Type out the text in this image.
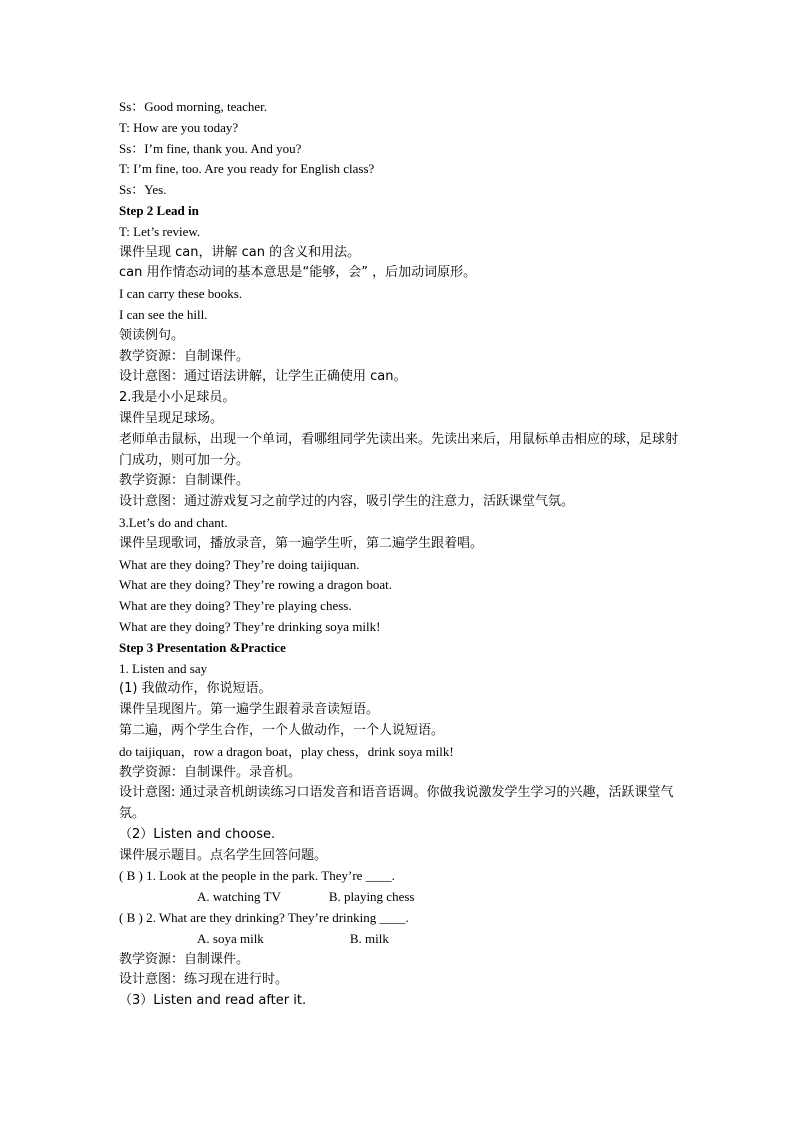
Ss：Good morning, teacher.
T: How are you today?
Ss：I’m fine, thank you. And you?
T: I’m fine, too. Are you ready for English class?
Ss：Yes.
Step 2 Lead in
T: Let’s review.
课件呈现 can，讲解 can 的含义和用法。
can 用作情态动词的基本意思是“能够，会” ，后加动词原形。
I can carry these books.
I can see the hill.
领读例句。
教学资源：自制课件。
设计意图：通过语法讲解，让学生正确使用 can。
2.我是小小足球员。
课件呈现足球场。
老师单击鼠标，出现一个单词，看哪组同学先读出来。先读出来后，用鼠标单击相应的球，足球射门成功，则可加一分。
教学资源：自制课件。
设计意图：通过游戏复习之前学过的内容，吸引学生的注意力，活跃课堂气氛。
3.Let’s do and chant.
课件呈现歌词，播放录音，第一遍学生听，第二遍学生跟着唱。
What are they doing? They’re doing taijiquan.
What are they doing? They’re rowing a dragon boat.
What are they doing? They’re playing chess.
What are they doing? They’re drinking soya milk!
Step 3 Presentation &Practice
1. Listen and say
(1) 我做动作，你说短语。
课件呈现图片。第一遍学生跟着录音读短语。
第二遍，两个学生合作，一个人做动作，一个人说短语。
do taijiquan，row a dragon boat，play chess，drink soya milk!
教学资源：自制课件。录音机。
设计意图: 通过录音机朗读练习口语发音和语音语调。你做我说激发学生学习的兴趣，活跃课堂气氛。
（2）Listen and choose.
课件展示题目。点名学生回答问题。
( B ) 1. Look at the people in the park. They’re ____.
A. watching TV	B. playing chess
( B ) 2. What are they drinking? They’re drinking ____.
A. soya milk	B. milk
教学资源：自制课件。
设计意图：练习现在进行时。
（3）Listen and read after it.
